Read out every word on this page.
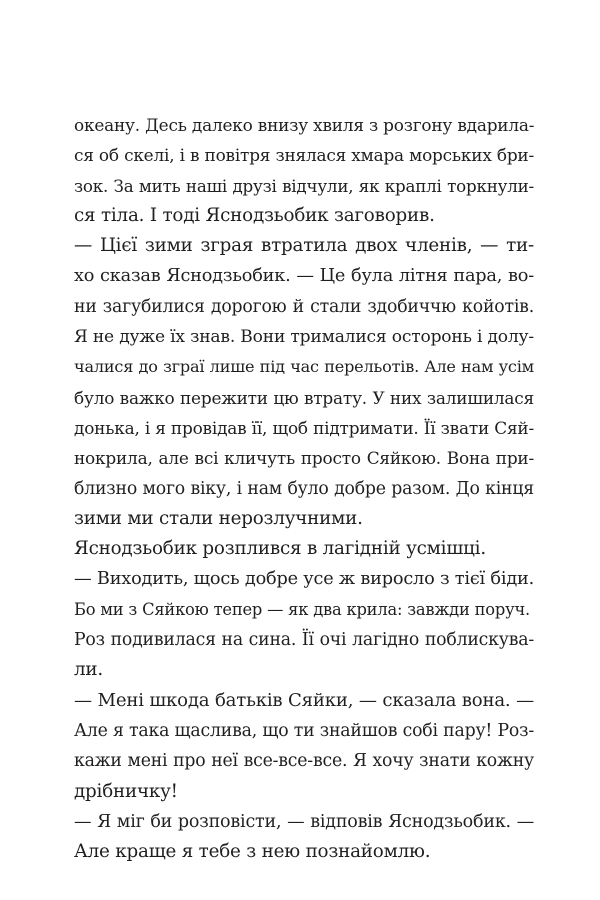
океану. Десь далеко внизу хвиля з розгону вдарила-
ся об скелі, і в повітря знялася хмара морських бри-
зок. За мить наші друзі відчули, як краплі торкнули-
ся тіла. І тоді Яснодзьобик заговорив.
— Цієї зими зграя втратила двох членів, — ти-
хо сказав Яснодзьобик. — Це була літня пара, во-
ни загубилися дорогою й стали здобиччю койотів.
Я не дуже їх знав. Вони трималися осторонь і долу-
чалися до зграї лише під час перельотів. Але нам усім
було важко пережити цю втрату. У них залишилася
донька, і я провідав її, щоб підтримати. Її звати Сяй-
нокрила, але всі кличуть просто Сяйкою. Вона при-
близно мого віку, і нам було добре разом. До кінця
зими ми стали нерозлучними.
Яснодзьобик розплився в лагідній усмішці.
— Виходить, щось добре усе ж виросло з тієї біди.
Бо ми з Сяйкою тепер — як два крила: завжди поруч.
Роз подивилася на сина. Її очі лагідно поблискува-
ли.
— Мені шкода батьків Сяйки, — сказала вона. —
Але я така щаслива, що ти знайшов собі пару! Роз-
кажи мені про неї все-все-все. Я хочу знати кожну
дрібничку!
— Я міг би розповісти, — відповів Яснодзьобик. —
Але краще я тебе з нею познайомлю.
